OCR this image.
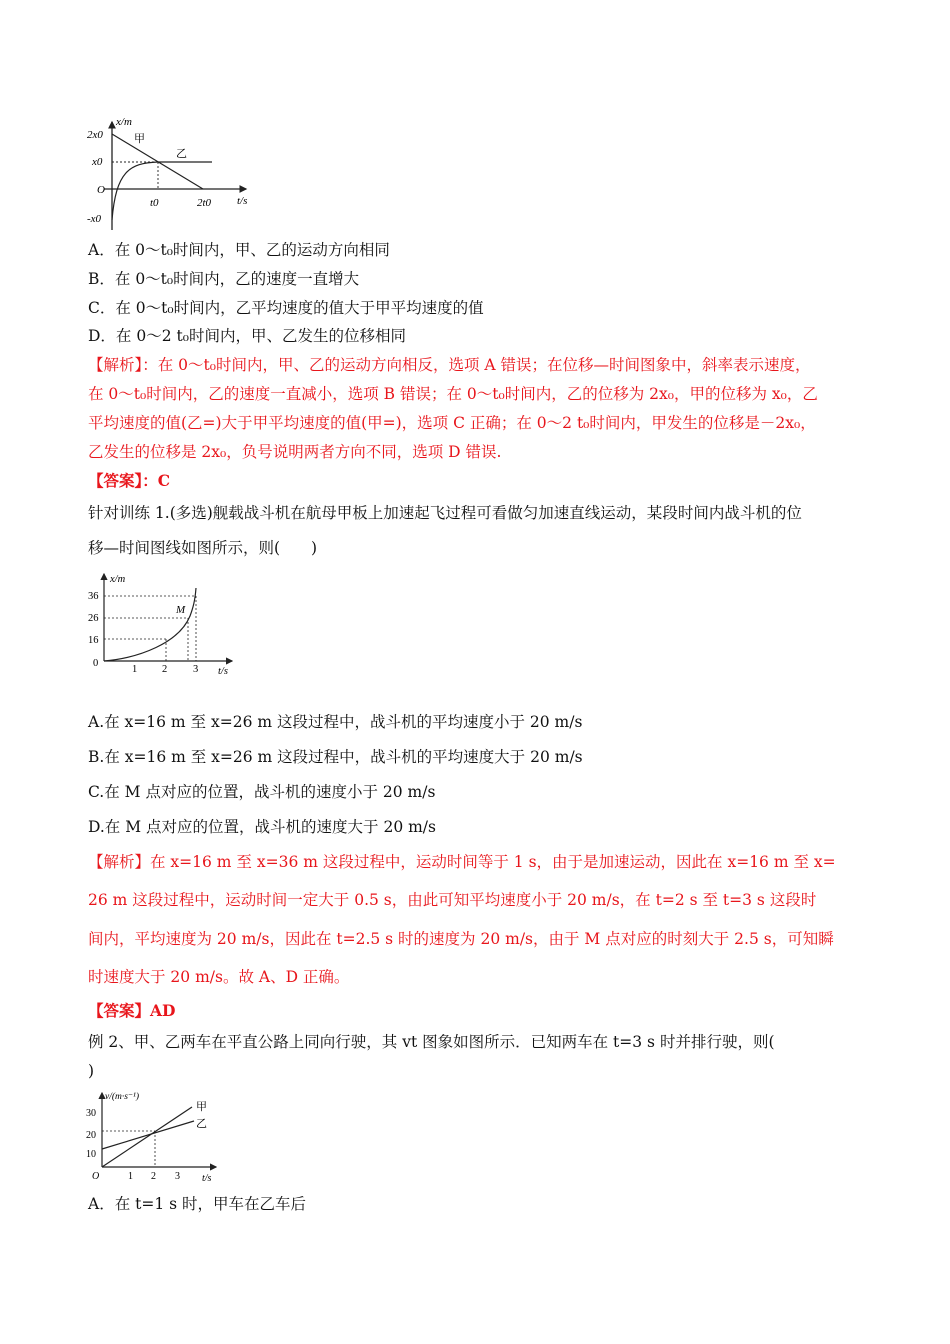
x/m
t/s
2x0
x0
O
-x0
t0	2t0
甲
乙
A．在 0～t₀时间内，甲、乙的运动方向相同
B．在 0～t₀时间内，乙的速度一直增大
C．在 0～t₀时间内，乙平均速度的值大于甲平均速度的值
D．在 0～2 t₀时间内，甲、乙发生的位移相同
【解析】：在 0～t₀时间内，甲、乙的运动方向相反，选项 A 错误；在位移—时间图象中，斜率表示速度，
在 0～t₀时间内，乙的速度一直减小，选项 B 错误；在 0～t₀时间内，乙的位移为 2x₀，甲的位移为 x₀，乙
平均速度的值(乙=)大于甲平均速度的值(甲=)，选项 C 正确；在 0～2 t₀时间内，甲发生的位移是－2x₀，
乙发生的位移是 2x₀，负号说明两者方向不同，选项 D 错误.
【答案】：C
针对训练 1.(多选)舰载战斗机在航母甲板上加速起飞过程可看做匀加速直线运动，某段时间内战斗机的位
移—时间图线如图所示，则(　　)
x/m
t/s
36
26
16
0
1 2 3
M
A.在 x=16 m 至 x=26 m 这段过程中，战斗机的平均速度小于 20 m/s
B.在 x=16 m 至 x=26 m 这段过程中，战斗机的平均速度大于 20 m/s
C.在 M 点对应的位置，战斗机的速度小于 20 m/s
D.在 M 点对应的位置，战斗机的速度大于 20 m/s
【解析】在 x=16 m 至 x=36 m 这段过程中，运动时间等于 1 s，由于是加速运动，因此在 x=16 m 至 x=
26 m 这段过程中，运动时间一定大于 0.5 s，由此可知平均速度小于 20 m/s，在 t=2 s 至 t=3 s 这段时
间内，平均速度为 20 m/s，因此在 t=2.5 s 时的速度为 20 m/s，由于 M 点对应的时刻大于 2.5 s，可知瞬
时速度大于 20 m/s。故 A、D 正确。
【答案】AD
例 2、甲、乙两车在平直公路上同向行驶，其 vt 图象如图所示．已知两车在 t=3 s 时并排行驶，则(
)
v/(m·s⁻¹)
t/s
30
20
10
O	1 2 3
甲
乙
A．在 t=1 s 时，甲车在乙车后
